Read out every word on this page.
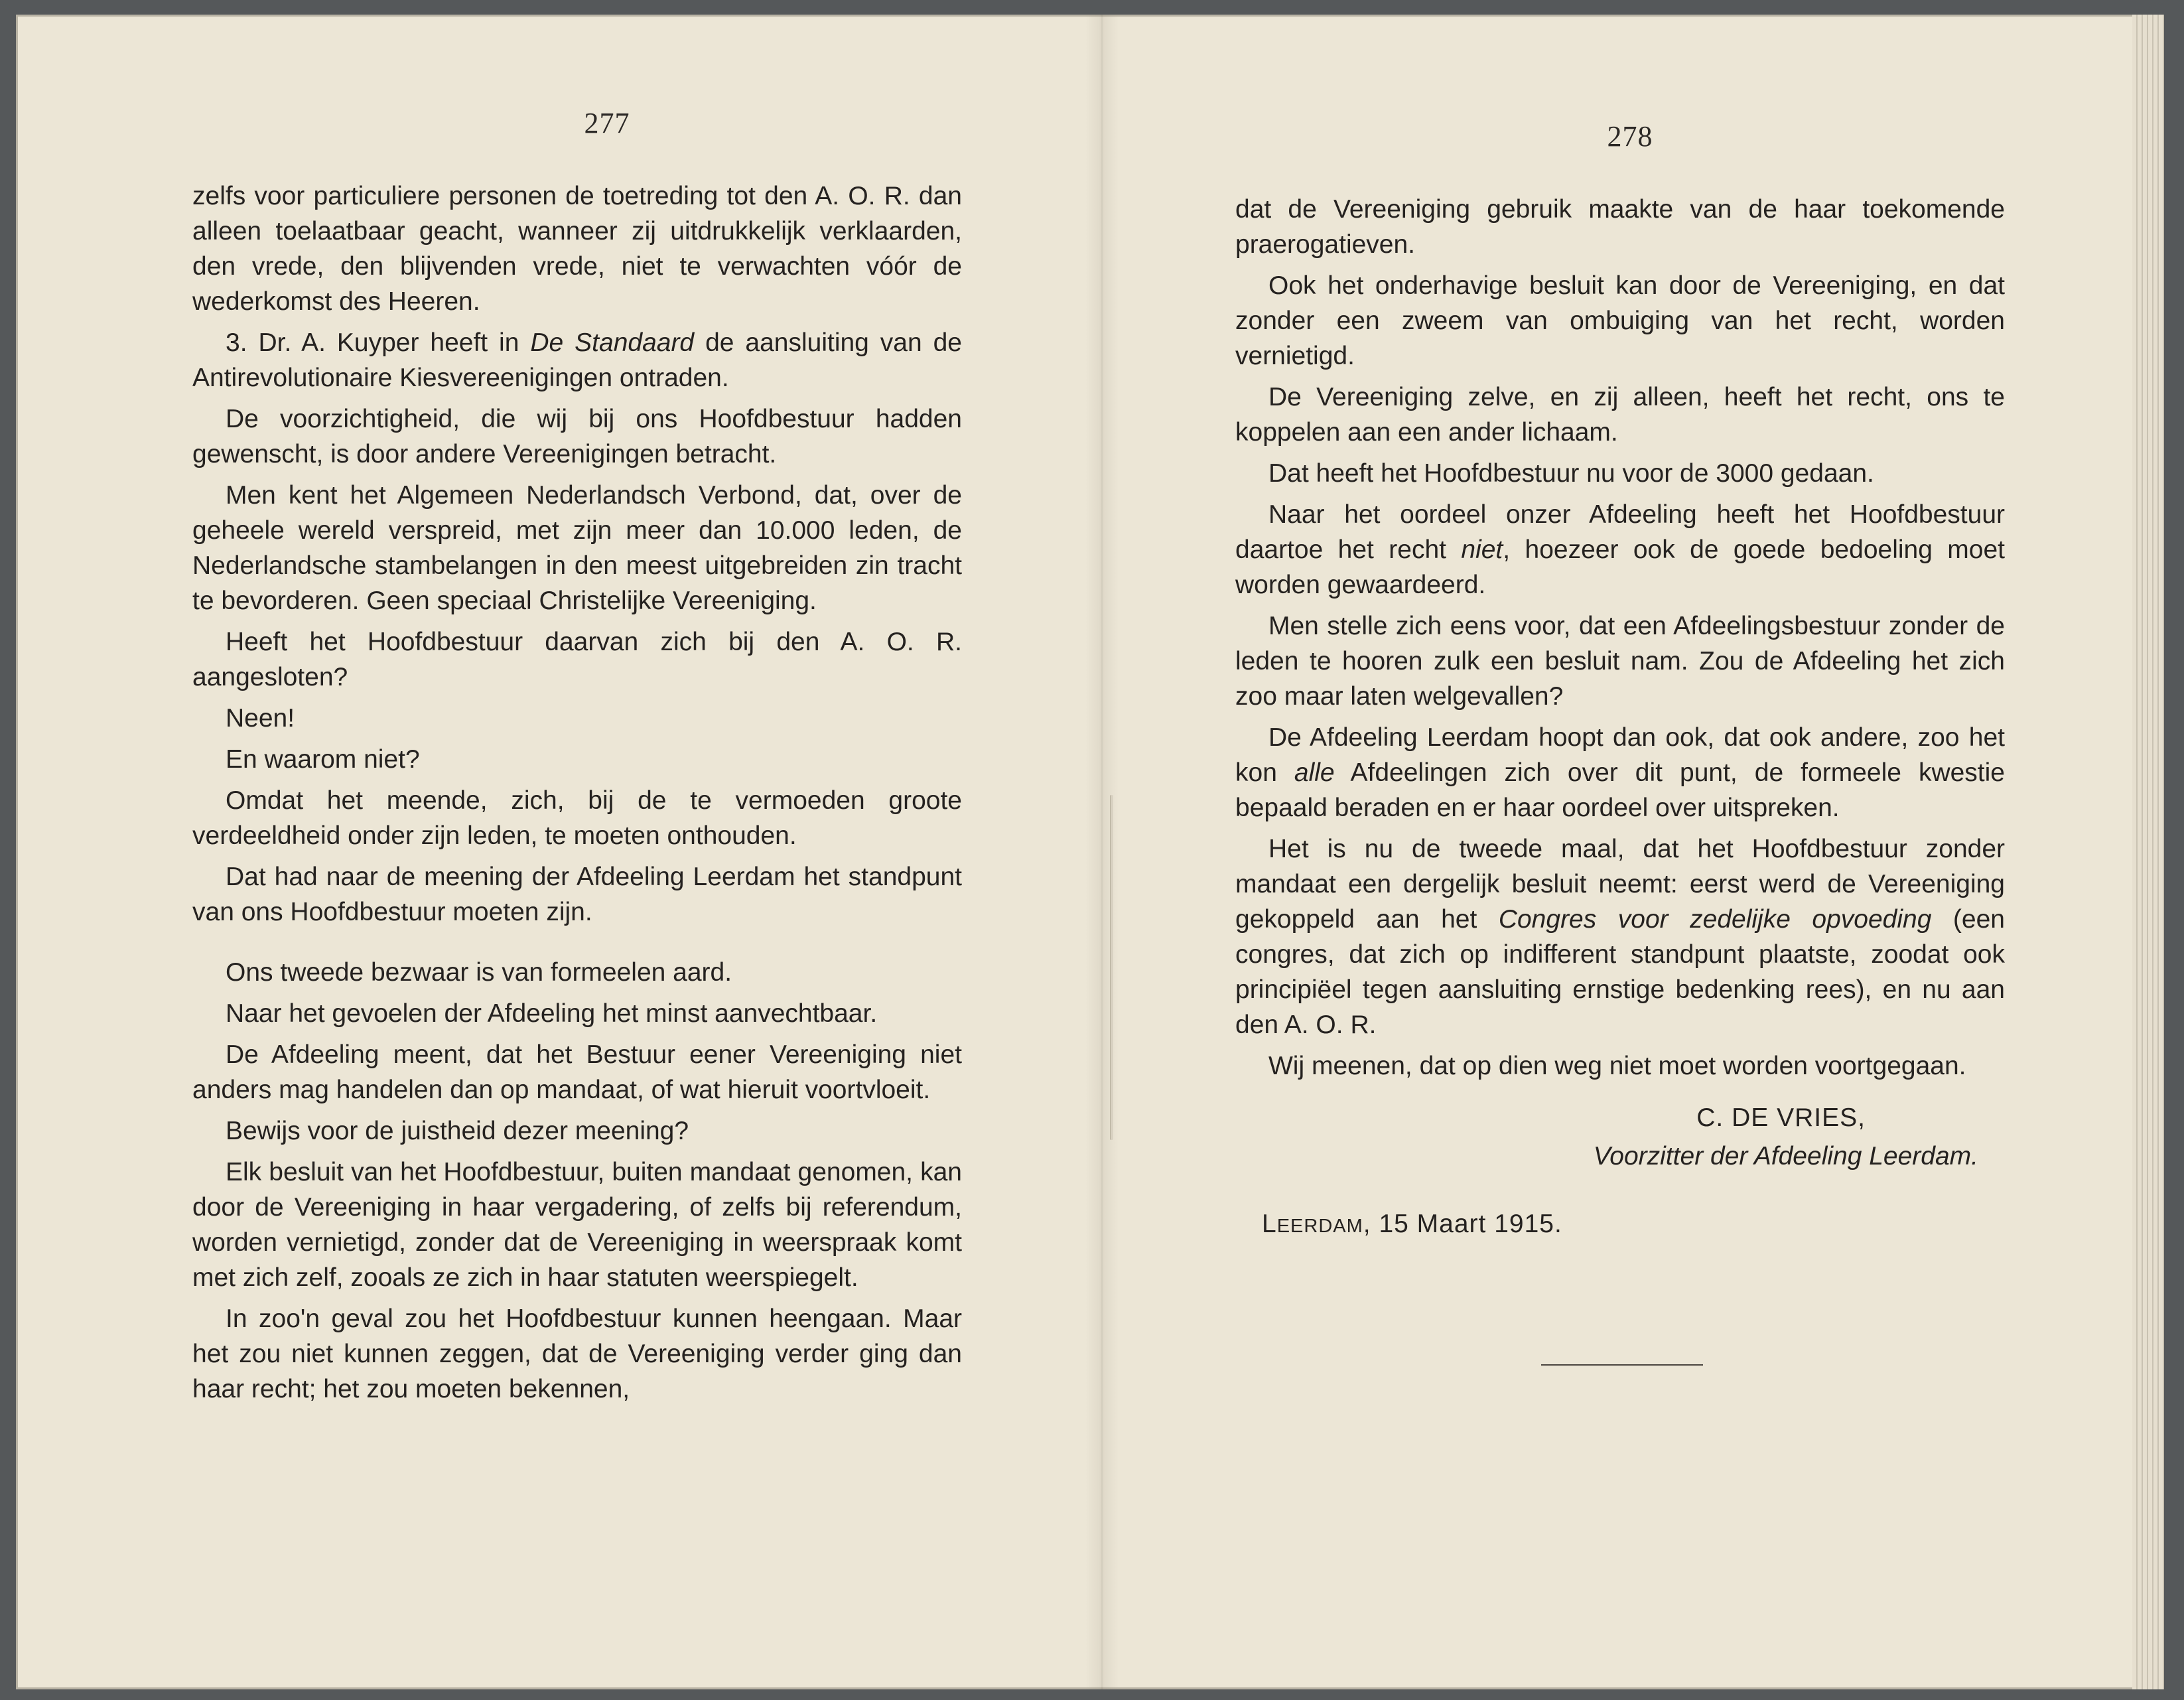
277

zelfs voor particuliere personen de toetreding tot den A. O. R. dan alleen toelaatbaar geacht, wanneer zij uitdrukkelijk verklaarden, den vrede, den blijvenden vrede, niet te verwachten vóór de wederkomst des Heeren.

3. Dr. A. Kuyper heeft in De Standaard de aansluiting van de Antirevolutionaire Kiesvereenigingen ontraden.

De voorzichtigheid, die wij bij ons Hoofdbestuur hadden gewenscht, is door andere Vereenigingen betracht.

Men kent het Algemeen Nederlandsch Verbond, dat, over de geheele wereld verspreid, met zijn meer dan 10.000 leden, de Nederlandsche stambelangen in den meest uitgebreiden zin tracht te bevorderen. Geen speciaal Christelijke Vereeniging.

Heeft het Hoofdbestuur daarvan zich bij den A. O. R. aangesloten?

Neen!

En waarom niet?

Omdat het meende, zich, bij de te vermoeden groote verdeeldheid onder zijn leden, te moeten onthouden.

Dat had naar de meening der Afdeeling Leerdam het standpunt van ons Hoofdbestuur moeten zijn.

Ons tweede bezwaar is van formeelen aard.

Naar het gevoelen der Afdeeling het minst aanvechtbaar.

De Afdeeling meent, dat het Bestuur eener Vereeniging niet anders mag handelen dan op mandaat, of wat hieruit voortvloeit.

Bewijs voor de juistheid dezer meening?

Elk besluit van het Hoofdbestuur, buiten mandaat genomen, kan door de Vereeniging in haar vergadering, of zelfs bij referendum, worden vernietigd, zonder dat de Vereeniging in weerspraak komt met zich zelf, zooals ze zich in haar statuten weerspiegelt.

In zoo'n geval zou het Hoofdbestuur kunnen heengaan. Maar het zou niet kunnen zeggen, dat de Vereeniging verder ging dan haar recht; het zou moeten bekennen,

278

dat de Vereeniging gebruik maakte van de haar toekomende praerogatieven.

Ook het onderhavige besluit kan door de Vereeniging, en dat zonder een zweem van ombuiging van het recht, worden vernietigd.

De Vereeniging zelve, en zij alleen, heeft het recht, ons te koppelen aan een ander lichaam.

Dat heeft het Hoofdbestuur nu voor de 3000 gedaan.

Naar het oordeel onzer Afdeeling heeft het Hoofdbestuur daartoe het recht niet, hoezeer ook de goede bedoeling moet worden gewaardeerd.

Men stelle zich eens voor, dat een Afdeelingsbestuur zonder de leden te hooren zulk een besluit nam. Zou de Afdeeling het zich zoo maar laten welgevallen?

De Afdeeling Leerdam hoopt dan ook, dat ook andere, zoo het kon alle Afdeelingen zich over dit punt, de formeele kwestie bepaald beraden en er haar oordeel over uitspreken.

Het is nu de tweede maal, dat het Hoofdbestuur zonder mandaat een dergelijk besluit neemt: eerst werd de Vereeniging gekoppeld aan het Congres voor zedelijke opvoeding (een congres, dat zich op indifferent standpunt plaatste, zoodat ook principiëel tegen aansluiting ernstige bedenking rees), en nu aan den A. O. R.

Wij meenen, dat op dien weg niet moet worden voortgegaan.

C. DE VRIES,
Voorzitter der Afdeeling Leerdam.
LEERDAM, 15 Maart 1915.
